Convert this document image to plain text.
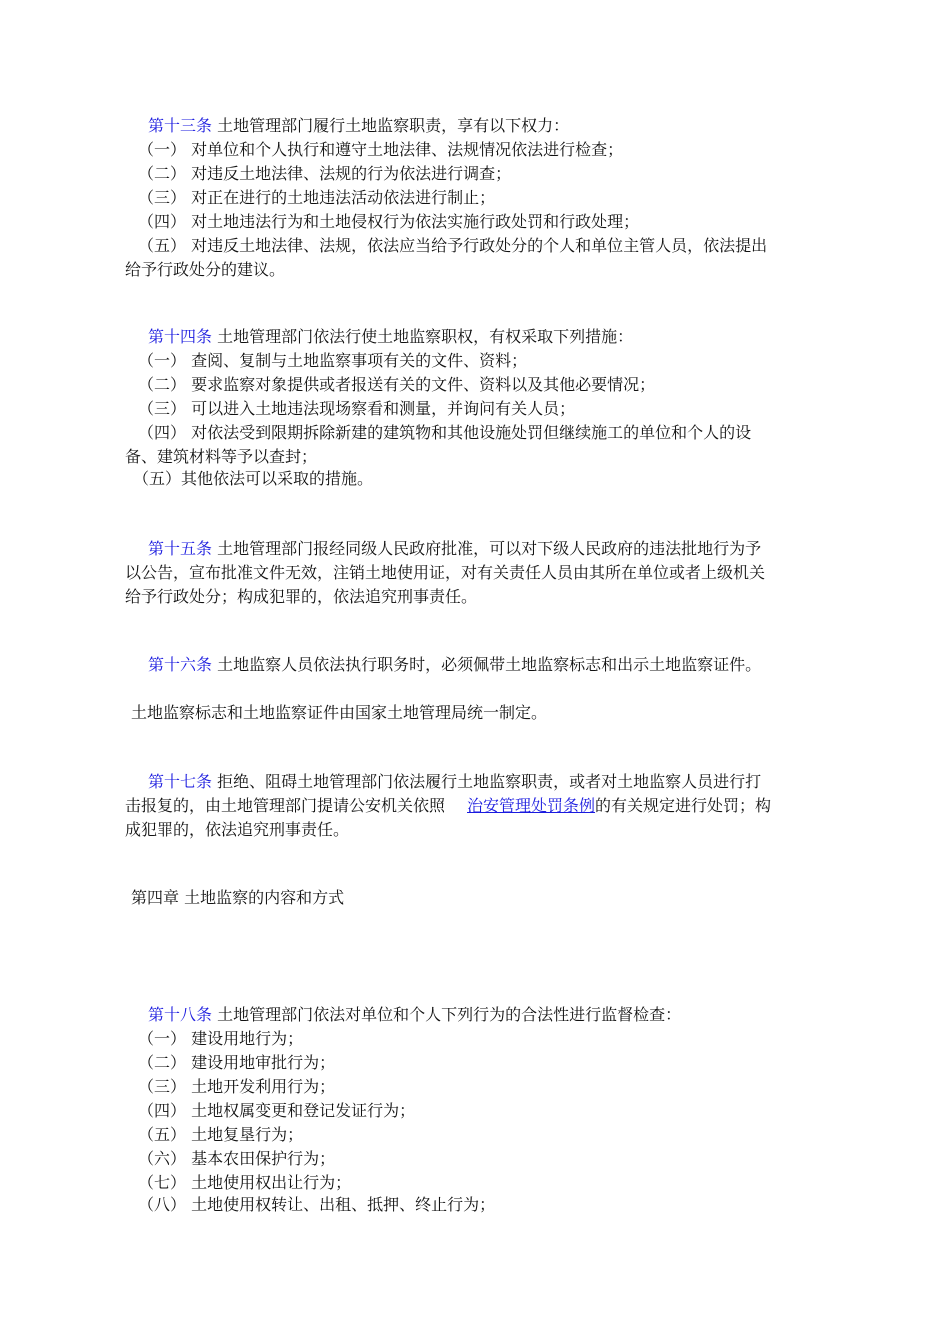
第十三条 土地管理部门履行土地监察职责，享有以下权力：
（一） 对单位和个人执行和遵守土地法律、法规情况依法进行检查；
（二） 对违反土地法律、法规的行为依法进行调查；
（三） 对正在进行的土地违法活动依法进行制止；
（四） 对土地违法行为和土地侵权行为依法实施行政处罚和行政处理；
（五） 对违反土地法律、法规，依法应当给予行政处分的个人和单位主管人员，依法提出
给予行政处分的建议。
第十四条 土地管理部门依法行使土地监察职权，有权采取下列措施：
（一） 查阅、复制与土地监察事项有关的文件、资料；
（二） 要求监察对象提供或者报送有关的文件、资料以及其他必要情况；
（三） 可以进入土地违法现场察看和测量，并询问有关人员；
（四） 对依法受到限期拆除新建的建筑物和其他设施处罚但继续施工的单位和个人的设
备、建筑材料等予以查封；
（五）其他依法可以采取的措施。
第十五条 土地管理部门报经同级人民政府批准，可以对下级人民政府的违法批地行为予
以公告，宣布批准文件无效，注销土地使用证，对有关责任人员由其所在单位或者上级机关
给予行政处分；构成犯罪的，依法追究刑事责任。
第十六条 土地监察人员依法执行职务时，必须佩带土地监察标志和出示土地监察证件。
土地监察标志和土地监察证件由国家土地管理局统一制定。
第十七条 拒绝、阻碍土地管理部门依法履行土地监察职责，或者对土地监察人员进行打
击报复的，由土地管理部门提请公安机关依照 治安管理处罚条例的有关规定进行处罚；构
成犯罪的，依法追究刑事责任。
第四章 土地监察的内容和方式
第十八条 土地管理部门依法对单位和个人下列行为的合法性进行监督检查：
（一） 建设用地行为；
（二） 建设用地审批行为；
（三） 土地开发利用行为；
（四） 土地权属变更和登记发证行为；
（五） 土地复垦行为；
（六） 基本农田保护行为；
（七） 土地使用权出让行为；
（八） 土地使用权转让、出租、抵押、终止行为；
